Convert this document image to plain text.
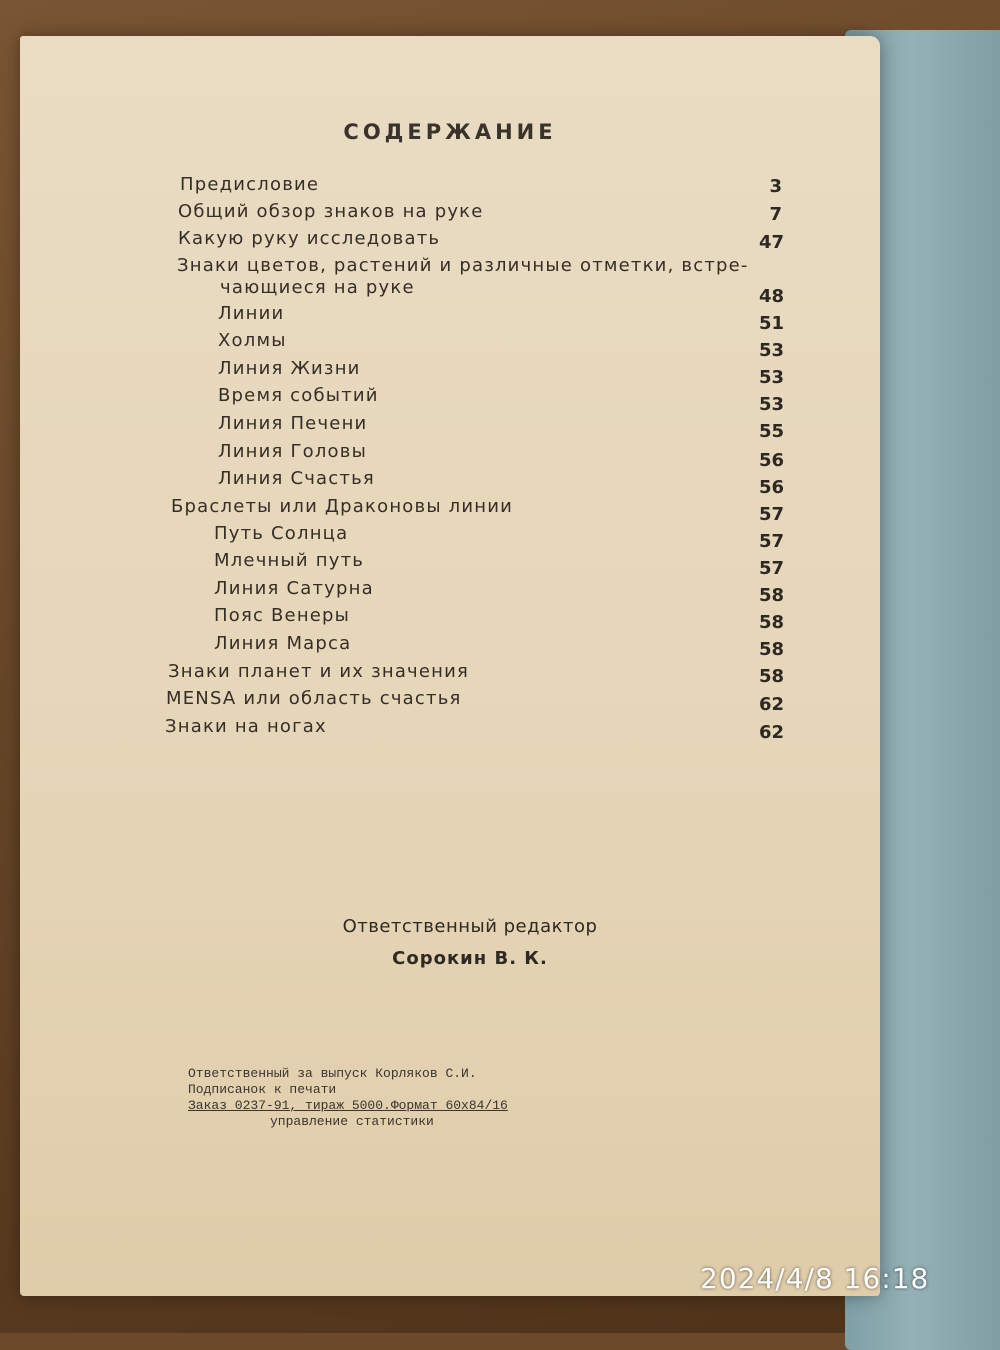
СОДЕРЖАНИЕ
Предисловие	3
Общий обзор знаков на руке	7
Какую руку исследовать	47
Знаки цветов, растений и различные отметки, встре-
чающиеся на руке	48
Линии	51
Холмы	53
Линия Жизни	53
Время событий	53
Линия Печени	55
Линия Головы	56
Линия Счастья	56
Браслеты или Драконовы линии	57
Путь Солнца	57
Млечный путь	57
Линия Сатурна	58
Пояс Венеры	58
Линия Марса	58
Знаки планет и их значения	58
MENSA или область счастья	62
Знаки на ногах	62
Ответственный редактор
Сорокин В. К.
Ответственный за выпуск Корляков С.И.
Подписанок к печати
Заказ 0237-91, тираж 5000.Формат 60х84/16
управление статистики
2024/4/8 16:18
